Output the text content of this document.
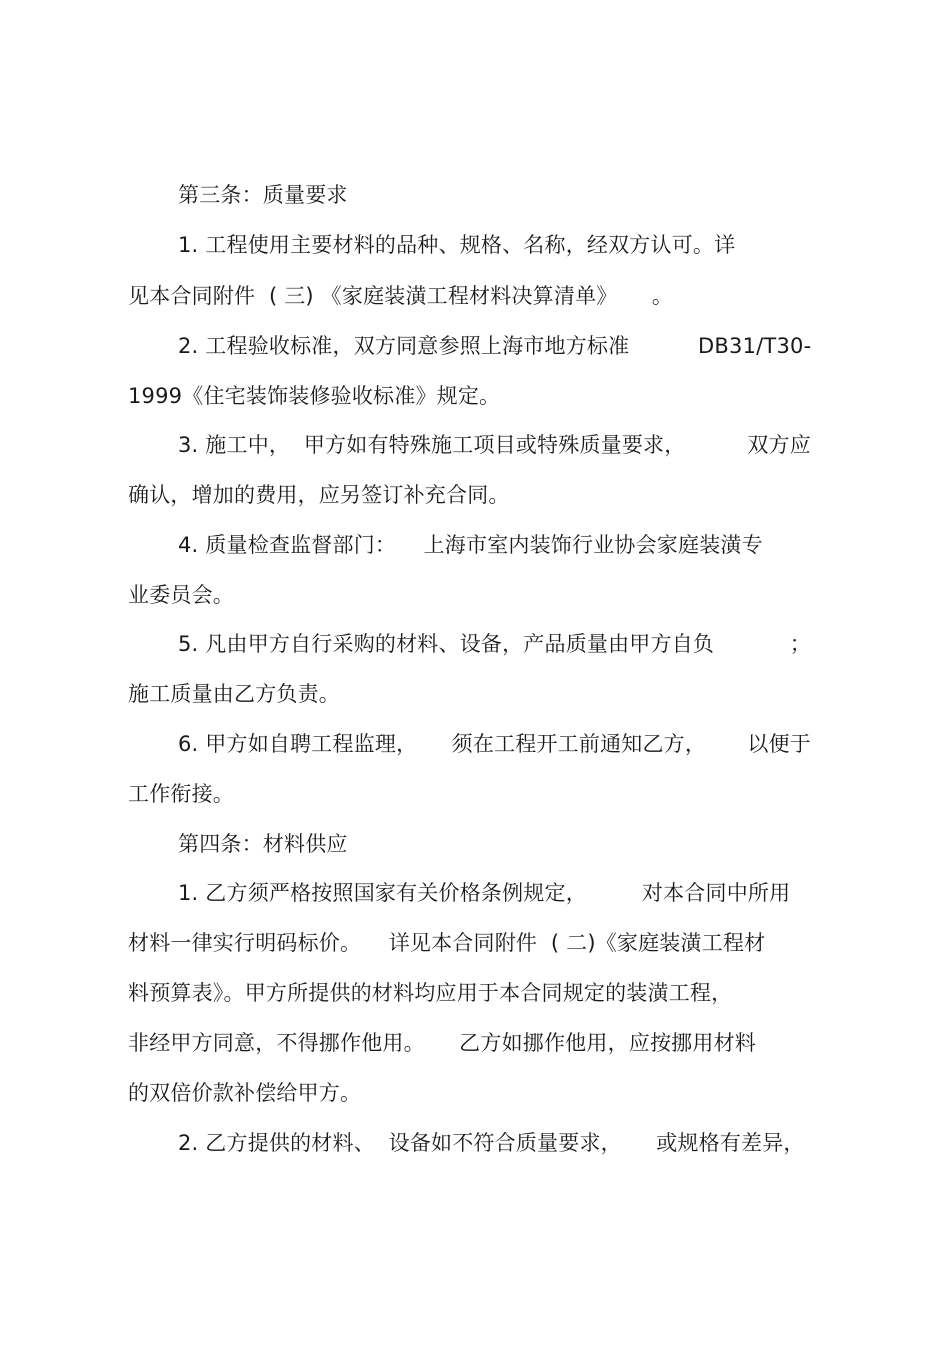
第三条：质量要求
1. 工程使用主要材料的品种、规格、名称，经双方认可。详
见本合同附件  ( 三) 《家庭装潢工程材料决算清单》     。
2. 工程验收标准，双方同意参照上海市地方标准          DB31/T30-
1999《住宅装饰装修验收标准》规定。
3. 施工中，  甲方如有特殊施工项目或特殊质量要求，         双方应
确认，增加的费用，应另签订补充合同。
4. 质量检查监督部门：    上海市室内装饰行业协会家庭装潢专
业委员会。
5. 凡由甲方自行采购的材料、设备，产品质量由甲方自负           ；
施工质量由乙方负责。
6. 甲方如自聘工程监理，     须在工程开工前通知乙方，      以便于
工作衔接。
第四条：材料供应
1. 乙方须严格按照国家有关价格条例规定，        对本合同中所用
材料一律实行明码标价。    详见本合同附件  ( 二)《家庭装潢工程材
料预算表》。甲方所提供的材料均应用于本合同规定的装潢工程，
非经甲方同意，不得挪作他用。     乙方如挪作他用，应按挪用材料
的双倍价款补偿给甲方。
2. 乙方提供的材料、  设备如不符合质量要求，     或规格有差异，
